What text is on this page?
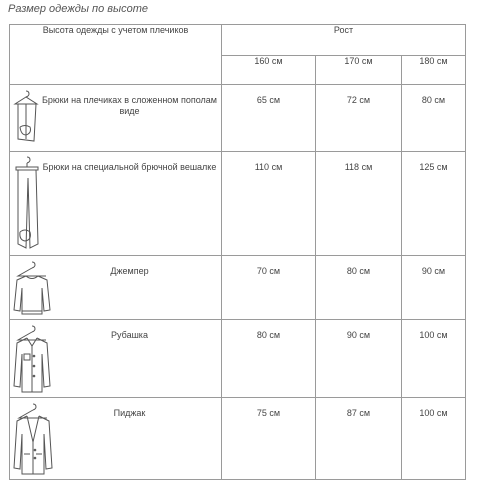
Размер одежды по высоте
Высота одежды с учетом плечиков	Рост		
	160 см	170 см	180 см

Брюки на плечиках в сложенном пополам виде	65 см	72 см	80 см

Брюки на специальной брючной вешалке	110 см	118 см	125 см

Джемпер	70 см	80 см	90 см

Рубашка	80 см	90 см	100 см

Пиджак	75 см	87 см	100 см
